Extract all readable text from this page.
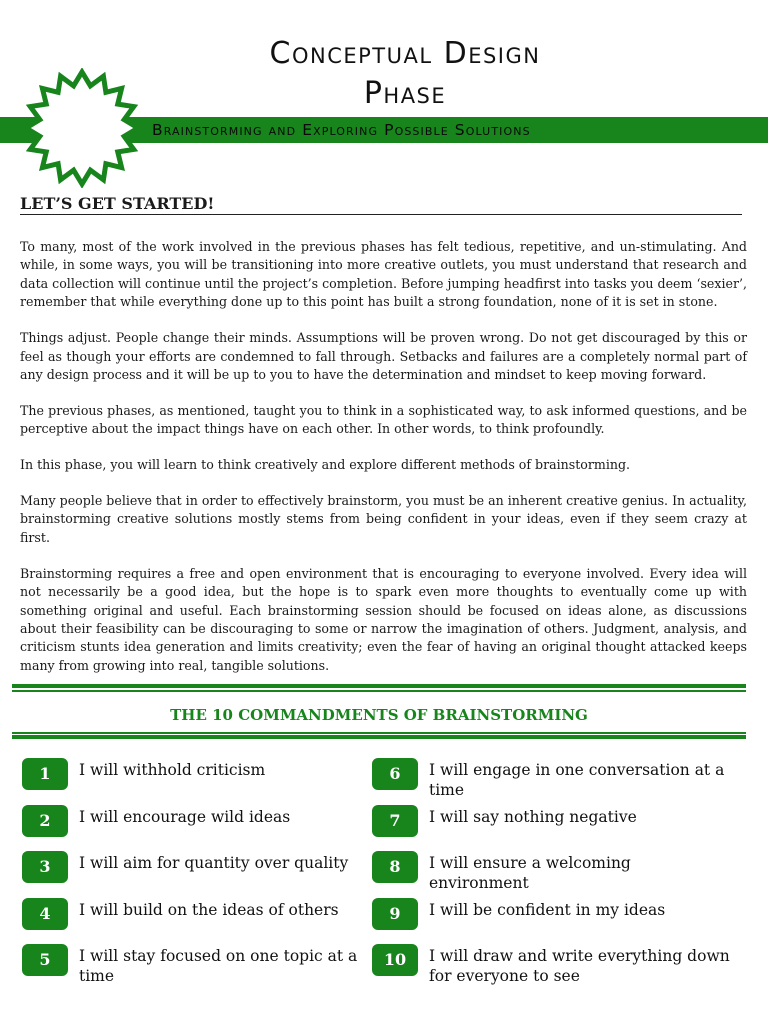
Conceptual Design
Phase
Brainstorming and Exploring Possible Solutions
LET’S GET STARTED!

To many, most of the work involved in the previous phases has felt tedious, repetitive, and un-stimulating. And while, in some ways, you will be transitioning into more creative outlets, you must understand that research and data collection will continue until the project’s completion. Before jumping headfirst into tasks you deem ‘sexier’, remember that while everything done up to this point has built a strong foundation, none of it is set in stone.

Things adjust. People change their minds. Assumptions will be proven wrong. Do not get discouraged by this or feel as though your efforts are condemned to fall through. Setbacks and failures are a completely normal part of any design process and it will be up to you to have the determination and mindset to keep moving forward.

The previous phases, as mentioned, taught you to think in a sophisticated way, to ask informed questions, and be perceptive about the impact things have on each other. In other words, to think profoundly.

In this phase, you will learn to think creatively and explore different methods of brainstorming.

Many people believe that in order to effectively brainstorm, you must be an inherent creative genius. In actuality, brainstorming creative solutions mostly stems from being confident in your ideas, even if they seem crazy at first.

Brainstorming requires a free and open environment that is encouraging to everyone involved. Every idea will not necessarily be a good idea, but the hope is to spark even more thoughts to eventually come up with something original and useful. Each brainstorming session should be focused on ideas alone, as discussions about their feasibility can be discouraging to some or narrow the imagination of others. Judgment, analysis, and criticism stunts idea generation and limits creativity; even the fear of having an original thought attacked keeps many from growing into real, tangible solutions.

THE 10 COMMANDMENTS OF BRAINSTORMING
1	I will withhold criticism
2	I will encourage wild ideas
3	I will aim for quantity over quality
4	I will build on the ideas of others
5	I will stay focused on one topic at a time
6	I will engage in one conversation at a time
7	I will say nothing negative
8	I will ensure a welcoming environment
9	I will be confident in my ideas
10	I will draw and write everything down for everyone to see
